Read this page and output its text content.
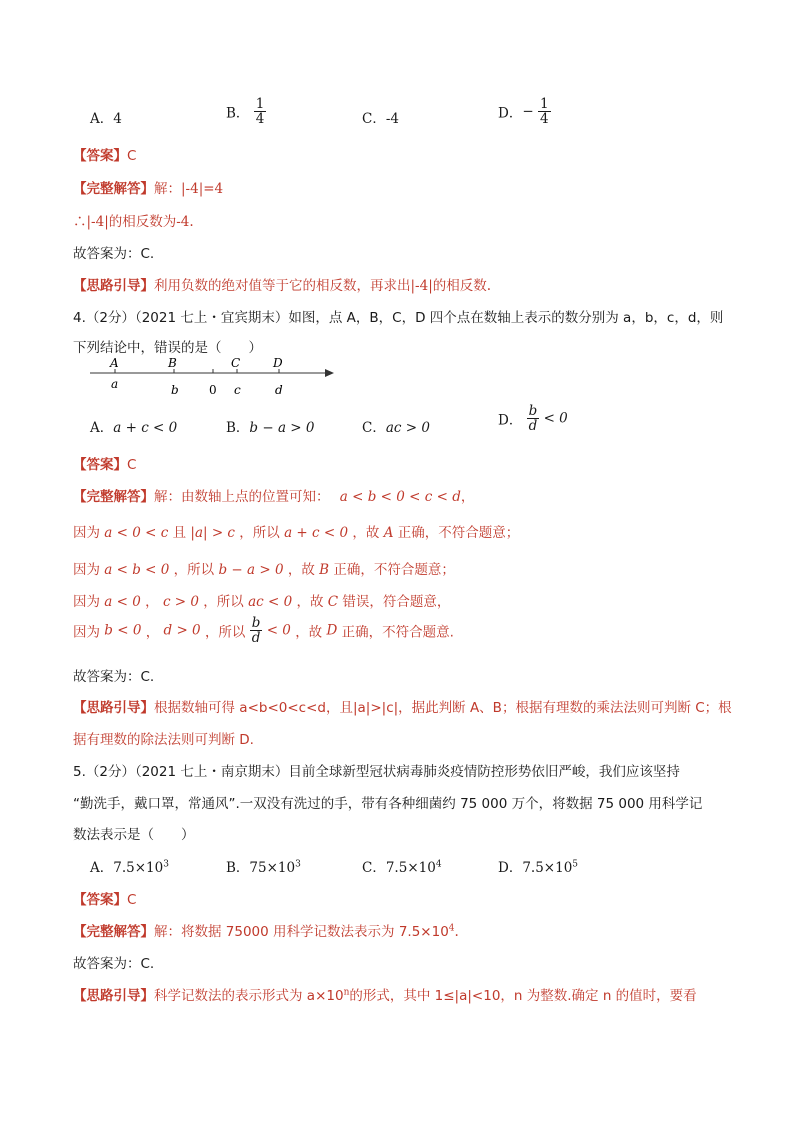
A．4	B． $\frac{1}{4}$	C．-4	D．− $\frac{1}{4}$
【答案】C
【完整解答】解：|-4|=4
∴|-4|的相反数为-4.
故答案为：C.
【思路引导】利用负数的绝对值等于它的相反数，再求出|-4|的相反数.
4.（2分）（2021 七上・宜宾期末）如图，点 A，B，C，D 四个点在数轴上表示的数分别为 a，b，c，d，则
下列结论中，错误的是（　　）
A	B	C	D
a	b	0 c	d
A．a + c < 0	B．b − a > 0	C．ac > 0	D． $\frac{b}{d} < 0$
【答案】C
【完整解答】解：由数轴上点的位置可知： a < b < 0 < c < d，
因为 a < 0 < c 且 |a| > c ，所以 a + c < 0 ，故 A 正确，不符合题意；
因为 a < b < 0 ，所以 b − a > 0 ，故 B 正确，不符合题意；
因为 a < 0 ， c > 0 ，所以 ac < 0 ，故 C 错误，符合题意，
因为 b < 0 ， d > 0 ，所以 $\frac{b}{d} < 0$ ，故 D 正确，不符合题意.
故答案为：C.
【思路引导】根据数轴可得 a<b<0<c<d，且|a|>|c|，据此判断 A、B；根据有理数的乘法法则可判断 C；根
据有理数的除法法则可判断 D.
5.（2分）（2021 七上・南京期末）目前全球新型冠状病毒肺炎疫情防控形势依旧严峻，我们应该坚持
“勤洗手，戴口罩，常通风”.一双没有洗过的手，带有各种细菌约 75 000 万个，将数据 75 000 用科学记
数法表示是（　　）
A．$7.5\times 10^3$	B．$75\times 10^3$	C．$7.5\times 10^4$	D．$7.5\times 10^5$
【答案】C
【完整解答】解：将数据 75000 用科学记数法表示为 $7.5\times 10^4$.
故答案为：C.
【思路引导】科学记数法的表示形式为 $a\times 10^n$的形式，其中 1≤|a|<10，n 为整数.确定 n 的值时，要看
